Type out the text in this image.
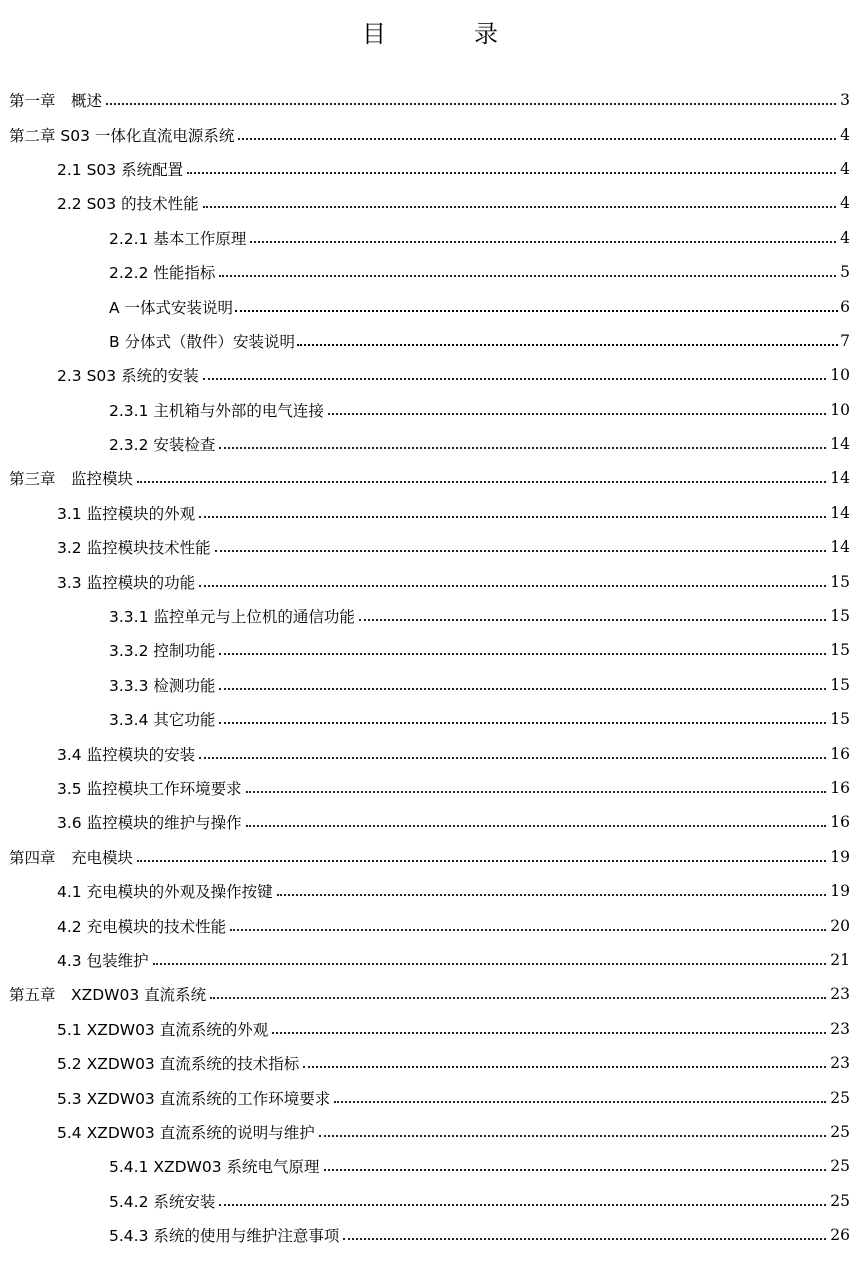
目　录
第一章　概述	3
第二章 S03 一体化直流电源系统	4
2.1 S03 系统配置	4
2.2 S03 的技术性能	4
2.2.1 基本工作原理	4
2.2.2 性能指标	5
A 一体式安装说明	6
B 分体式（散件）安装说明	7
2.3 S03 系统的安装	10
2.3.1 主机箱与外部的电气连接	10
2.3.2 安装检查	14
第三章　监控模块	14
3.1 监控模块的外观	14
3.2 监控模块技术性能	14
3.3 监控模块的功能	15
3.3.1 监控单元与上位机的通信功能	15
3.3.2 控制功能	15
3.3.3 检测功能	15
3.3.4 其它功能	15
3.4 监控模块的安装	16
3.5 监控模块工作环境要求	16
3.6 监控模块的维护与操作	16
第四章　充电模块	19
4.1 充电模块的外观及操作按键	19
4.2 充电模块的技术性能	20
4.3 包装维护	21
第五章　XZDW03 直流系统	23
5.1 XZDW03 直流系统的外观	23
5.2 XZDW03 直流系统的技术指标	23
5.3 XZDW03 直流系统的工作环境要求	25
5.4 XZDW03 直流系统的说明与维护	25
5.4.1 XZDW03 系统电气原理	25
5.4.2 系统安装	25
5.4.3 系统的使用与维护注意事项	26
